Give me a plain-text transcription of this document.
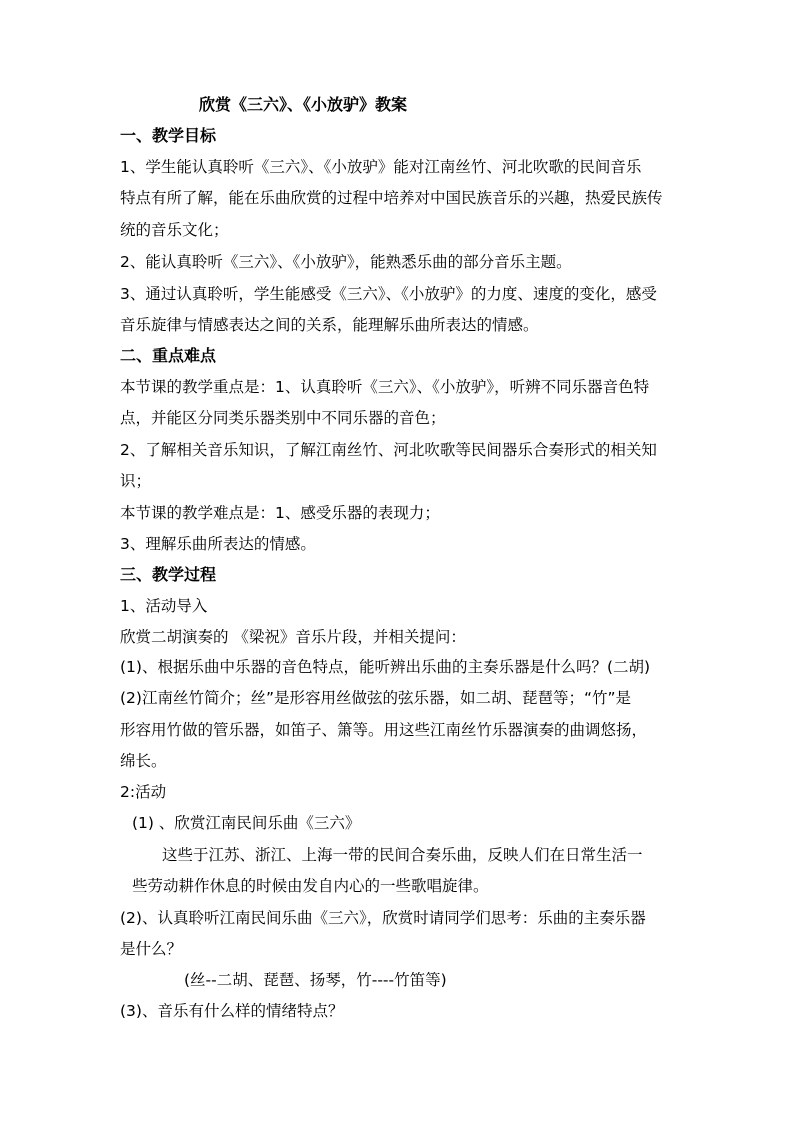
欣赏《三六》、《小放驴》教案
一、教学目标
1、学生能认真聆听《三六》、《小放驴》能对江南丝竹、河北吹歌的民间音乐
特点有所了解，能在乐曲欣赏的过程中培养对中国民族音乐的兴趣，热爱民族传
统的音乐文化；
2、能认真聆听《三六》、《小放驴》，能熟悉乐曲的部分音乐主题。
3、通过认真聆听，学生能感受《三六》、《小放驴》的力度、速度的变化，感受
音乐旋律与情感表达之间的关系，能理解乐曲所表达的情感。
二、重点难点
本节课的教学重点是：1、认真聆听《三六》、《小放驴》，听辨不同乐器音色特
点，并能区分同类乐器类别中不同乐器的音色；
2、了解相关音乐知识，了解江南丝竹、河北吹歌等民间器乐合奏形式的相关知
识；
本节课的教学难点是：1、感受乐器的表现力；
3、理解乐曲所表达的情感。
三、教学过程
1、活动导入
欣赏二胡演奏的 《梁祝》音乐片段，并相关提问：
(1)、根据乐曲中乐器的音色特点，能听辨出乐曲的主奏乐器是什么吗？(二胡)
(2)江南丝竹简介；丝”是形容用丝做弦的弦乐器，如二胡、琵琶等；“竹”是
形容用竹做的管乐器，如笛子、箫等。用这些江南丝竹乐器演奏的曲调悠扬，
绵长。
2:活动
(1) 、欣赏江南民间乐曲《三六》
这些于江苏、浙江、上海一带的民间合奏乐曲，反映人们在日常生活一
些劳动耕作休息的时候由发自内心的一些歌唱旋律。
(2)、认真聆听江南民间乐曲《三六》，欣赏时请同学们思考：乐曲的主奏乐器
是什么？
(丝--二胡、琵琶、扬琴，竹----竹笛等)
(3)、音乐有什么样的情绪特点？
